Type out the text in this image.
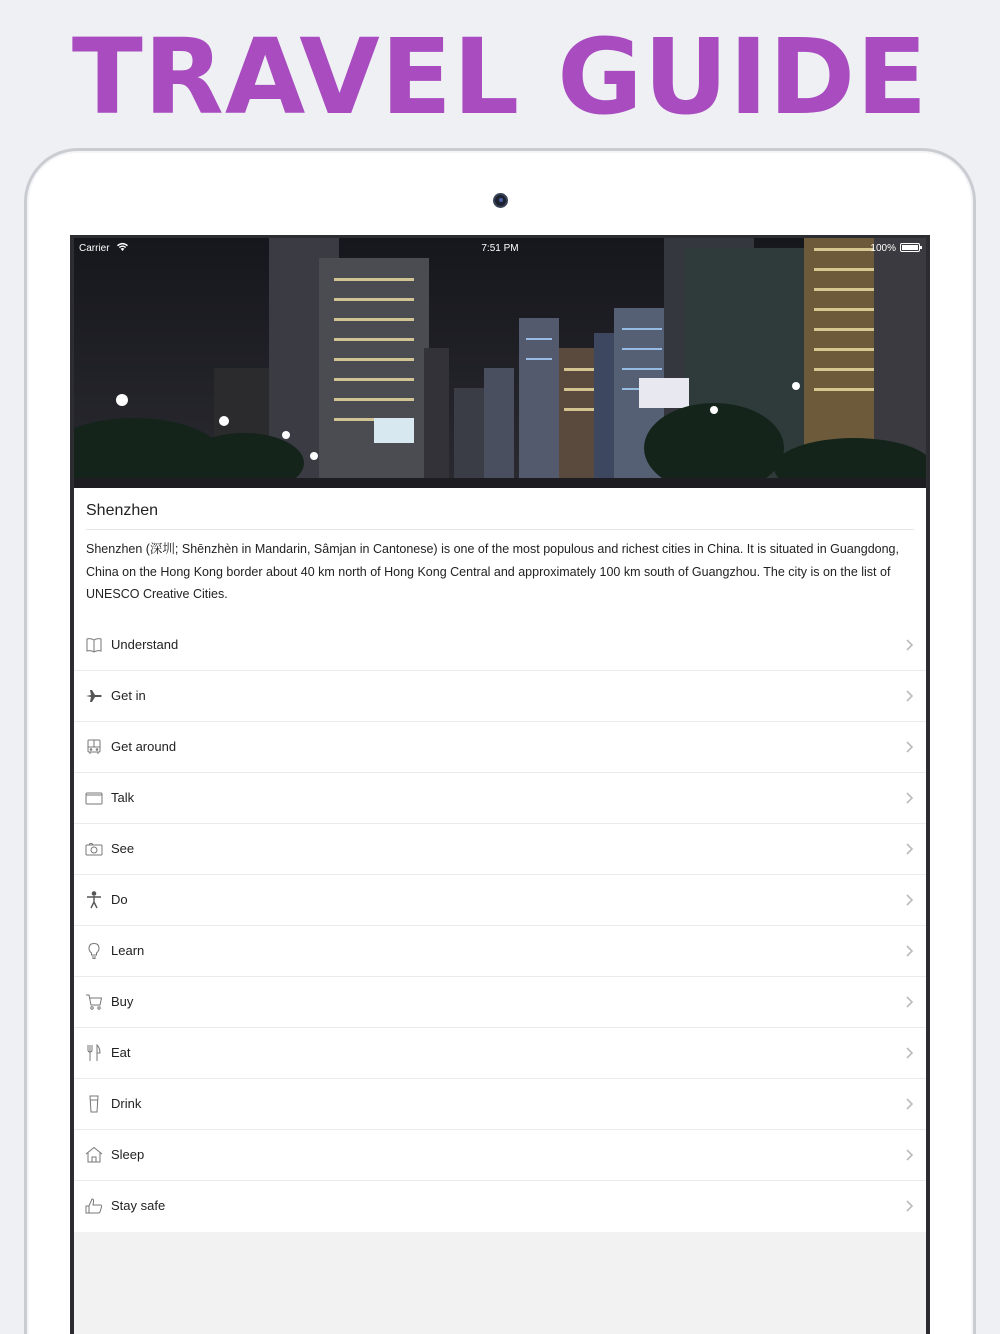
TRAVEL GUIDE
Carrier	7:51 PM	100%
Shenzhen
Shenzhen (深圳; Shēnzhèn in Mandarin, Sâmjan in Cantonese) is one of the most populous and richest cities in China. It is situated in Guangdong, China on the Hong Kong border about 40 km north of Hong Kong Central and approximately 100 km south of Guangzhou. The city is on the list of UNESCO Creative Cities.
Understand
Get in
Get around
Talk
See
Do
Learn
Buy
Eat
Drink
Sleep
Stay safe
